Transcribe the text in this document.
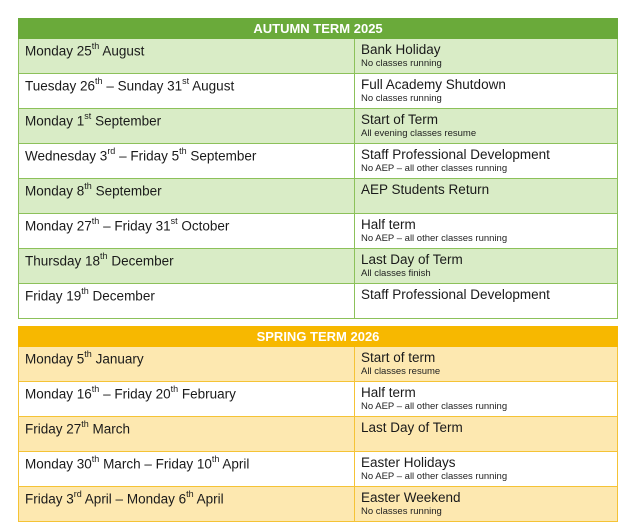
AUTUMN TERM 2025	

Monday 25th August	Bank Holiday
No classes running

Tuesday 26th – Sunday 31st August	Full Academy Shutdown
No classes running

Monday 1st September	Start of Term
All evening classes resume

Wednesday 3rd – Friday 5th September	Staff Professional Development
No AEP – all other classes running

Monday 8th September	AEP Students Return

Monday 27th – Friday 31st October	Half term
No AEP – all other classes running

Thursday 18th December	Last Day of Term
All classes finish

Friday 19th December	Staff Professional Development
SPRING TERM 2026	

Monday 5th January	Start of term
All classes resume

Monday 16th – Friday 20th February	Half term
No AEP – all other classes running

Friday 27th March	Last Day of Term

Monday 30th March – Friday 10th April	Easter Holidays
No AEP – all other classes running

Friday 3rd April – Monday 6th April	Easter Weekend
No classes running
